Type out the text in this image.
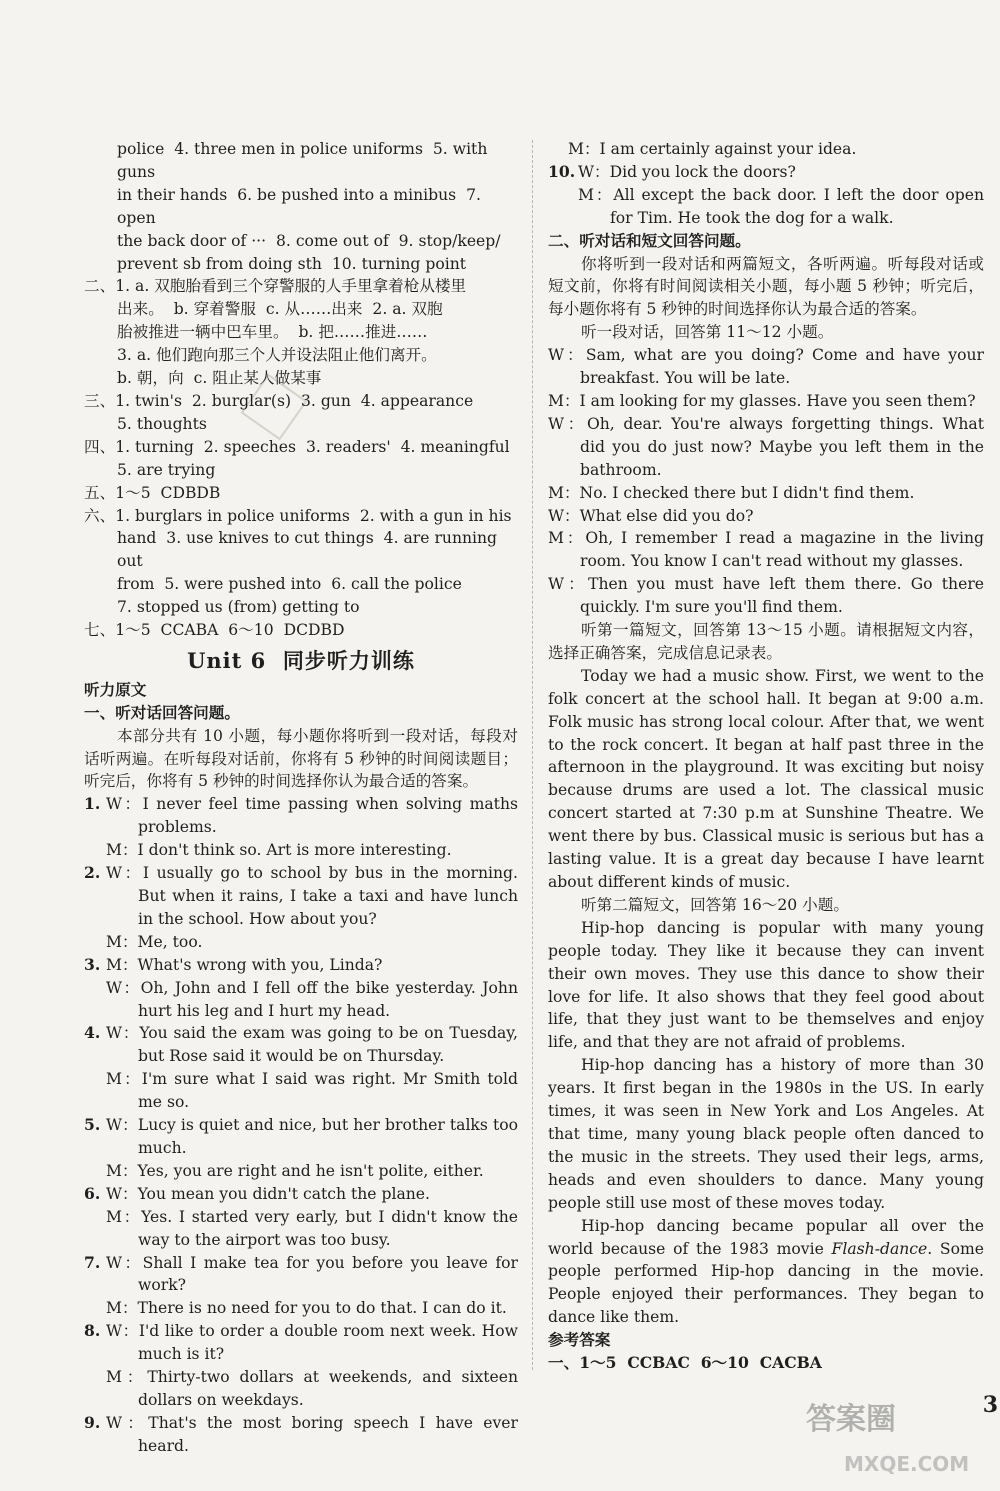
police  4. three men in police uniforms  5. with guns

in their hands  6. be pushed into a minibus  7. open

the back door of ···  8. come out of  9. stop/keep/

prevent sb from doing sth  10. turning point

二、1. a. 双胞胎看到三个穿警服的人手里拿着枪从楼里

出来。  b. 穿着警服  c. 从……出来  2. a. 双胞

胎被推进一辆中巴车里。  b. 把……推进……

3. a. 他们跑向那三个人并设法阻止他们离开。

b. 朝，向  c. 阻止某人做某事

三、1. twin's  2. burglar(s)  3. gun  4. appearance

5. thoughts

四、1. turning  2. speeches  3. readers'  4. meaningful

5. are trying

五、1～5  CDBDB

六、1. burglars in police uniforms  2. with a gun in his

hand  3. use knives to cut things  4. are running out

from  5. were pushed into  6. call the police

7. stopped us (from) getting to

七、1～5  CCABA  6～10  DCDBD

Unit 6  同步听力训练

听力原文

一、听对话回答问题。

本部分共有 10 小题，每小题你将听到一段对话，每段对话听两遍。在听每段对话前，你将有 5 秒钟的时间阅读题目；听完后，你将有 5 秒钟的时间选择你认为最合适的答案。

1. W：I never feel time passing when solving maths problems.

M：I don't think so. Art is more interesting.

2. W：I usually go to school by bus in the morning. But when it rains, I take a taxi and have lunch in the school. How about you?

M：Me, too.

3. M：What's wrong with you, Linda?

W：Oh, John and I fell off the bike yesterday. John hurt his leg and I hurt my head.

4. W：You said the exam was going to be on Tuesday, but Rose said it would be on Thursday.

M：I'm sure what I said was right. Mr Smith told me so.

5. W：Lucy is quiet and nice, but her brother talks too much.

M：Yes, you are right and he isn't polite, either.

6. W：You mean you didn't catch the plane.

M：Yes. I started very early, but I didn't know the way to the airport was too busy.

7. W：Shall I make tea for you before you leave for work?

M：There is no need for you to do that. I can do it.

8. W：I'd like to order a double room next week. How much is it?

M：Thirty-two dollars at weekends, and sixteen dollars on weekdays.

9. W：That's the most boring speech I have ever heard.

M：I am certainly against your idea.

10. W：Did you lock the doors?

M：All except the back door. I left the door open for Tim. He took the dog for a walk.

二、听对话和短文回答问题。

你将听到一段对话和两篇短文，各听两遍。听每段对话或短文前，你将有时间阅读相关小题，每小题 5 秒钟；听完后，每小题你将有 5 秒钟的时间选择你认为最合适的答案。

听一段对话，回答第 11～12 小题。

W：Sam, what are you doing? Come and have your breakfast. You will be late.

M：I am looking for my glasses. Have you seen them?

W：Oh, dear. You're always forgetting things. What did you do just now? Maybe you left them in the bathroom.

M：No. I checked there but I didn't find them.

W：What else did you do?

M：Oh, I remember I read a magazine in the living room. You know I can't read without my glasses.

W：Then you must have left them there. Go there quickly. I'm sure you'll find them.

听第一篇短文，回答第 13～15 小题。请根据短文内容，选择正确答案，完成信息记录表。

Today we had a music show. First, we went to the folk concert at the school hall. It began at 9:00 a.m. Folk music has strong local colour. After that, we went to the rock concert. It began at half past three in the afternoon in the playground. It was exciting but noisy because drums are used a lot. The classical music concert started at 7:30 p.m at Sunshine Theatre. We went there by bus. Classical music is serious but has a lasting value. It is a great day because I have learnt about different kinds of music.

听第二篇短文，回答第 16～20 小题。

Hip-hop dancing is popular with many young people today. They like it because they can invent their own moves. They use this dance to show their love for life. It also shows that they feel good about life, that they just want to be themselves and enjoy life, and that they are not afraid of problems.

Hip-hop dancing has a history of more than 30 years. It first began in the 1980s in the US. In early times, it was seen in New York and Los Angeles. At that time, many young black people often danced to the music in the streets. They used their legs, arms, heads and even shoulders to dance. Many young people still use most of these moves today.

Hip-hop dancing became popular all over the world because of the 1983 movie Flash-dance. Some people performed Hip-hop dancing in the movie. People enjoyed their performances. They began to dance like them.

参考答案

一、1～5  CCBAC  6～10  CACBA

3
答案圈
MXQE.COM
